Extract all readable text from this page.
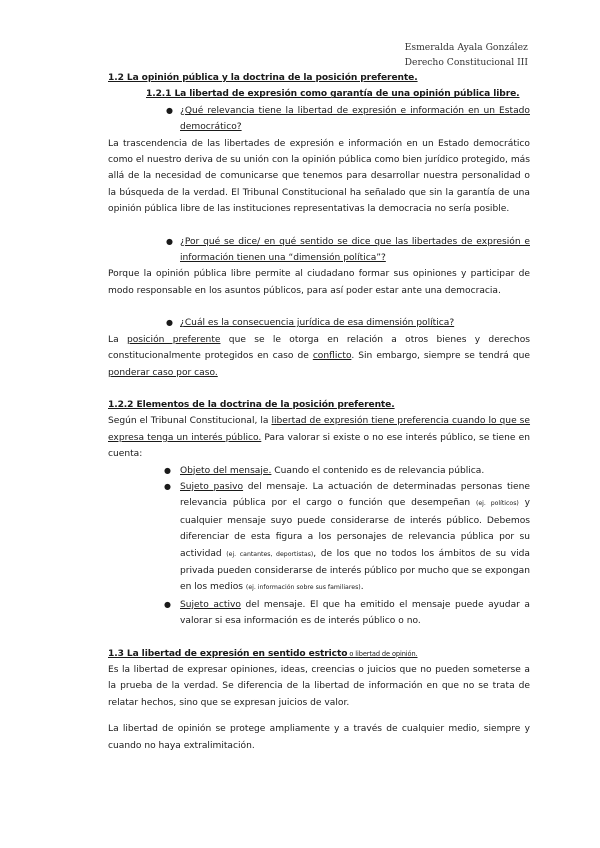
Esmeralda Ayala González
Derecho Constitucional III

1.2 La opinión pública y la doctrina de la posición preferente.

1.2.1 La libertad de expresión como garantía de una opinión pública libre.

● ¿Qué relevancia tiene la libertad de expresión e información en un Estado democrático?

La trascendencia de las libertades de expresión e información en un Estado democrático como el nuestro deriva de su unión con la opinión pública como bien jurídico protegido, más allá de la necesidad de comunicarse que tenemos para desarrollar nuestra personalidad o la búsqueda de la verdad. El Tribunal Constitucional ha señalado que sin la garantía de una opinión pública libre de las instituciones representativas la democracia no sería posible.

● ¿Por qué se dice/ en qué sentido se dice que las libertades de expresión e información tienen una “dimensión política”?

Porque la opinión pública libre permite al ciudadano formar sus opiniones y participar de modo responsable en los asuntos públicos, para así poder estar ante una democracia.

● ¿Cuál es la consecuencia jurídica de esa dimensión política?

La posición preferente que se le otorga en relación a otros bienes y derechos constitucionalmente protegidos en caso de conflicto. Sin embargo, siempre se tendrá que ponderar caso por caso.

1.2.2 Elementos de la doctrina de la posición preferente.

Según el Tribunal Constitucional, la libertad de expresión tiene preferencia cuando lo que se expresa tenga un interés público. Para valorar si existe o no ese interés público, se tiene en cuenta:

● Objeto del mensaje. Cuando el contenido es de relevancia pública.

● Sujeto pasivo del mensaje. La actuación de determinadas personas tiene relevancia pública por el cargo o función que desempeñan (ej. políticos) y cualquier mensaje suyo puede considerarse de interés público. Debemos diferenciar de esta figura a los personajes de relevancia pública por su actividad (ej. cantantes, deportistas), de los que no todos los ámbitos de su vida privada pueden considerarse de interés público por mucho que se expongan en los medios (ej. información sobre sus familiares).

● Sujeto activo del mensaje. El que ha emitido el mensaje puede ayudar a valorar si esa información es de interés público o no.

1.3 La libertad de expresión en sentido estricto o libertad de opinión.

Es la libertad de expresar opiniones, ideas, creencias o juicios que no pueden someterse a la prueba de la verdad. Se diferencia de la libertad de información en que no se trata de relatar hechos, sino que se expresan juicios de valor.

La libertad de opinión se protege ampliamente y a través de cualquier medio, siempre y cuando no haya extralimitación.
